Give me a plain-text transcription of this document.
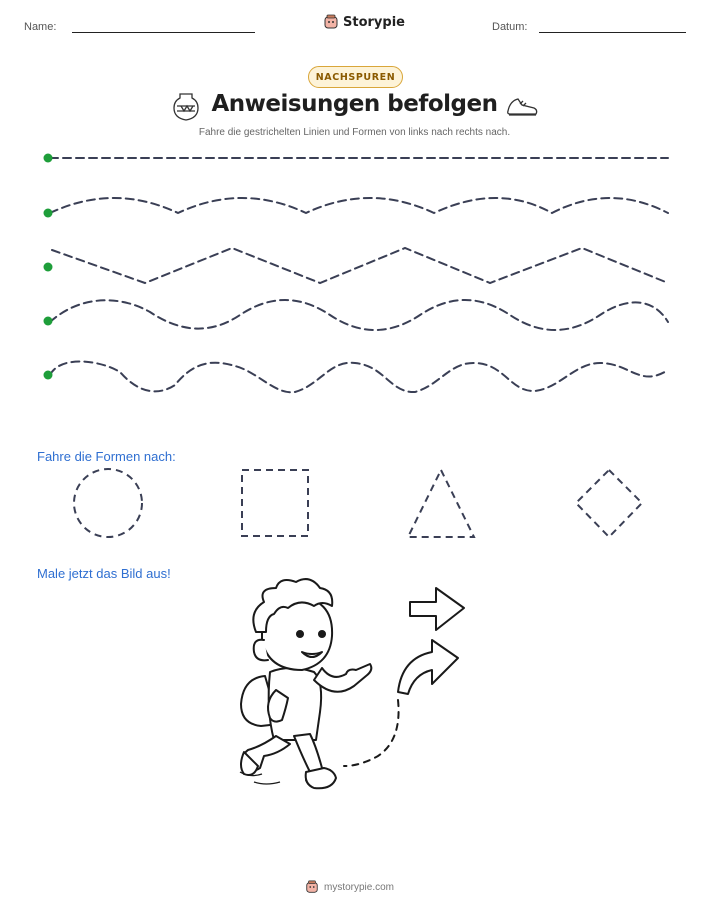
Name:	Storypie	Datum:
NACHSPUREN
Anweisungen befolgen
Fahre die gestrichelten Linien und Formen von links nach rechts nach.
Fahre die Formen nach:
Male jetzt das Bild aus!
mystorypie.com
